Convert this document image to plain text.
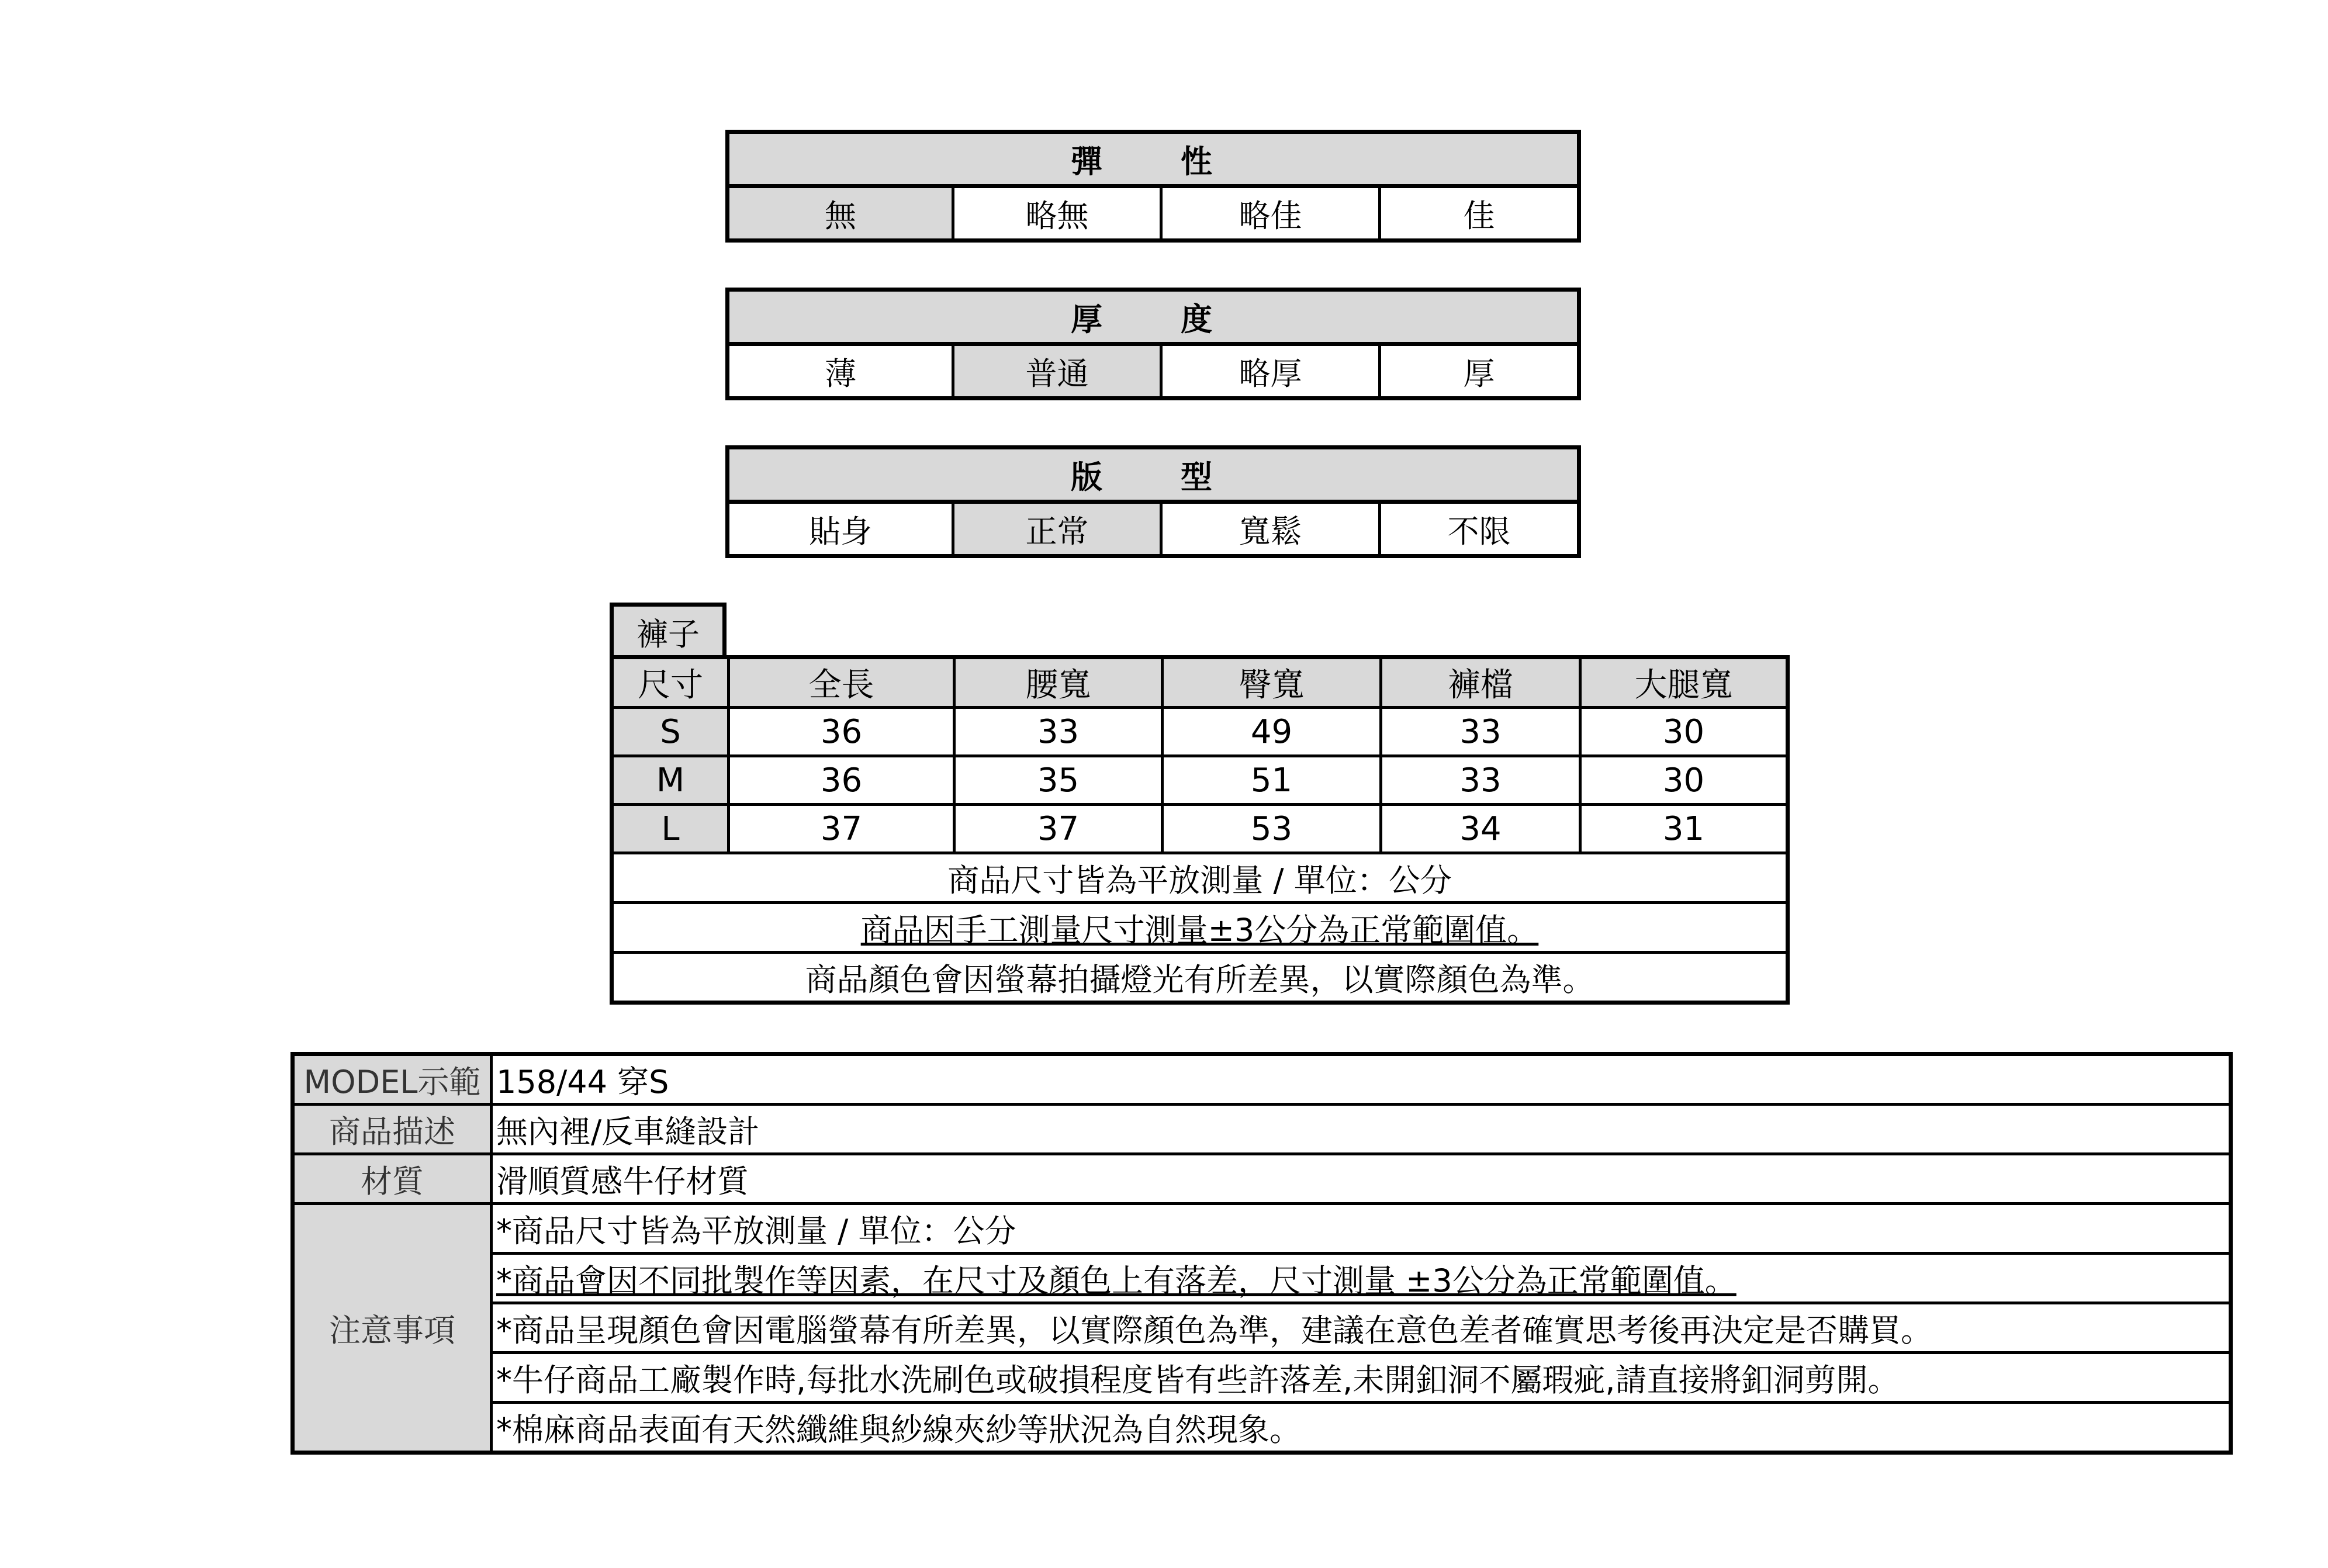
彈　性
無	略無	略佳	佳
厚　度
薄	普通	略厚	厚
版　型
貼身	正常	寬鬆	不限
褲子
尺寸	全長	腰寬	臀寬	褲檔	大腿寬
S	36	33	49	33	30
M	36	35	51	33	30
L	37	37	53	34	31
商品尺寸皆為平放測量 / 單位：公分					
商品因手工測量尺寸測量±3公分為正常範圍值。					
商品顏色會因螢幕拍攝燈光有所差異，以實際顏色為準。					
MODEL示範	158/44 穿S
商品描述	無內裡/反車縫設計
材質	滑順質感牛仔材質
注意事項	*商品尺寸皆為平放測量 / 單位：公分
	*商品會因不同批製作等因素，在尺寸及顏色上有落差，尺寸測量 ±3公分為正常範圍值。
	*商品呈現顏色會因電腦螢幕有所差異，以實際顏色為準，建議在意色差者確實思考後再決定是否購買。
	*牛仔商品工廠製作時,每批水洗刷色或破損程度皆有些許落差,未開釦洞不屬瑕疵,請直接將釦洞剪開。
	*棉麻商品表面有天然纖維與紗線夾紗等狀況為自然現象。
